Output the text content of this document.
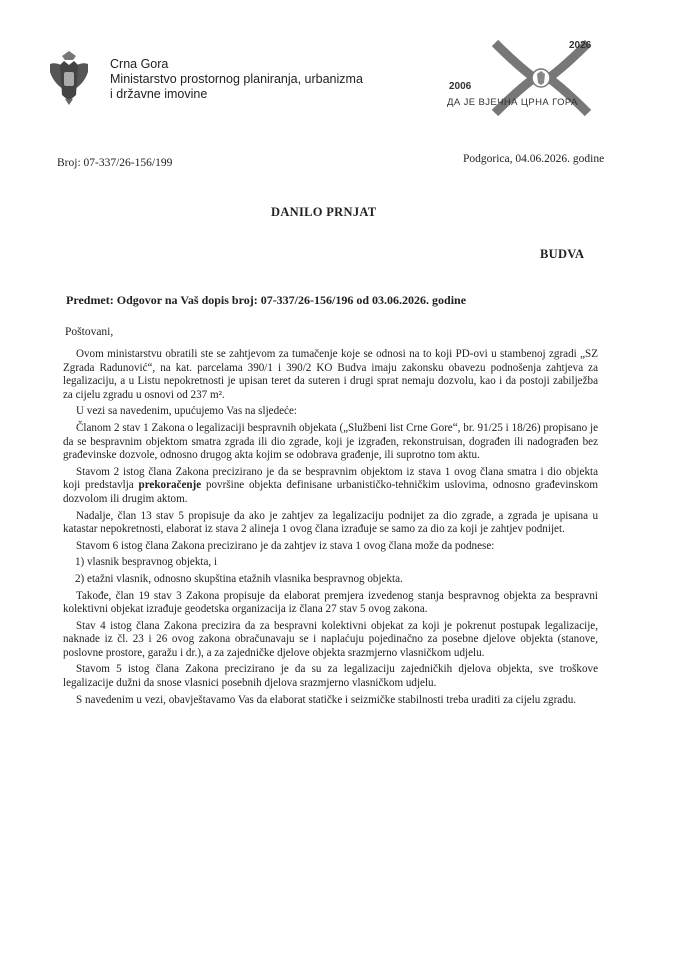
Crna Gora
Ministarstvo prostornog planiranja, urbanizma
i državne imovine
2006
2026
ДА ЈЕ ВЈЕЧНА ЦРНА ГОРА
Broj: 07-337/26-156/199	Podgorica, 04.06.2026. godine
DANILO PRNJAT
BUDVA
Predmet: Odgovor na Vaš dopis broj: 07-337/26-156/196 od 03.06.2026. godine
Poštovani,

Ovom ministarstvu obratili ste se zahtjevom za tumačenje koje se odnosi na to koji PD-ovi u stambenoj zgradi „SZ Zgrada Radunović“, na kat. parcelama 390/1 i 390/2 KO Budva imaju zakonsku obavezu podnošenja zahtjeva za legalizaciju, a u Listu nepokretnosti je upisan teret da suteren i drugi sprat nemaju dozvolu, kao i da postoji zabilježba za cijelu zgradu u osnovi od 237 m².

U vezi sa navedenim, upućujemo Vas na sljedeće:

Članom 2 stav 1 Zakona o legalizaciji bespravnih objekata („Službeni list Crne Gore“, br. 91/25 i 18/26) propisano je da se bespravnim objektom smatra zgrada ili dio zgrade, koji je izgrađen, rekonstruisan, dograđen ili nadograđen bez građevinske dozvole, odnosno drugog akta kojim se odobrava građenje, ili suprotno tom aktu.

Stavom 2 istog člana Zakona precizirano je da se bespravnim objektom iz stava 1 ovog člana smatra i dio objekta koji predstavlja prekoračenje površine objekta definisane urbanističko-tehničkim uslovima, odnosno građevinskom dozvolom ili drugim aktom.

Nadalje, član 13 stav 5 propisuje da ako je zahtjev za legalizaciju podnijet za dio zgrade, a zgrada je upisana u katastar nepokretnosti, elaborat iz stava 2 alineja 1 ovog člana izrađuje se samo za dio za koji je zahtjev podnijet.

Stavom 6 istog člana Zakona precizirano je da zahtjev iz stava 1 ovog člana može da podnese:

1) vlasnik bespravnog objekta, i

2) etažni vlasnik, odnosno skupština etažnih vlasnika bespravnog objekta.

Takođe, član 19 stav 3 Zakona propisuje da elaborat premjera izvedenog stanja bespravnog objekta za bespravni kolektivni objekat izrađuje geodetska organizacija iz člana 27 stav 5 ovog zakona.

Stav 4 istog člana Zakona precizira da za bespravni kolektivni objekat za koji je pokrenut postupak legalizacije, naknade iz čl. 23 i 26 ovog zakona obračunavaju se i naplaćuju pojedinačno za posebne djelove objekta (stanove, poslovne prostore, garažu i dr.), a za zajedničke djelove objekta srazmjerno vlasničkom udjelu.

Stavom 5 istog člana Zakona precizirano je da su za legalizaciju zajedničkih djelova objekta, sve troškove legalizacije dužni da snose vlasnici posebnih djelova srazmjerno vlasničkom udjelu.

S navedenim u vezi, obavještavamo Vas da elaborat statičke i seizmičke stabilnosti treba uraditi za cijelu zgradu.
